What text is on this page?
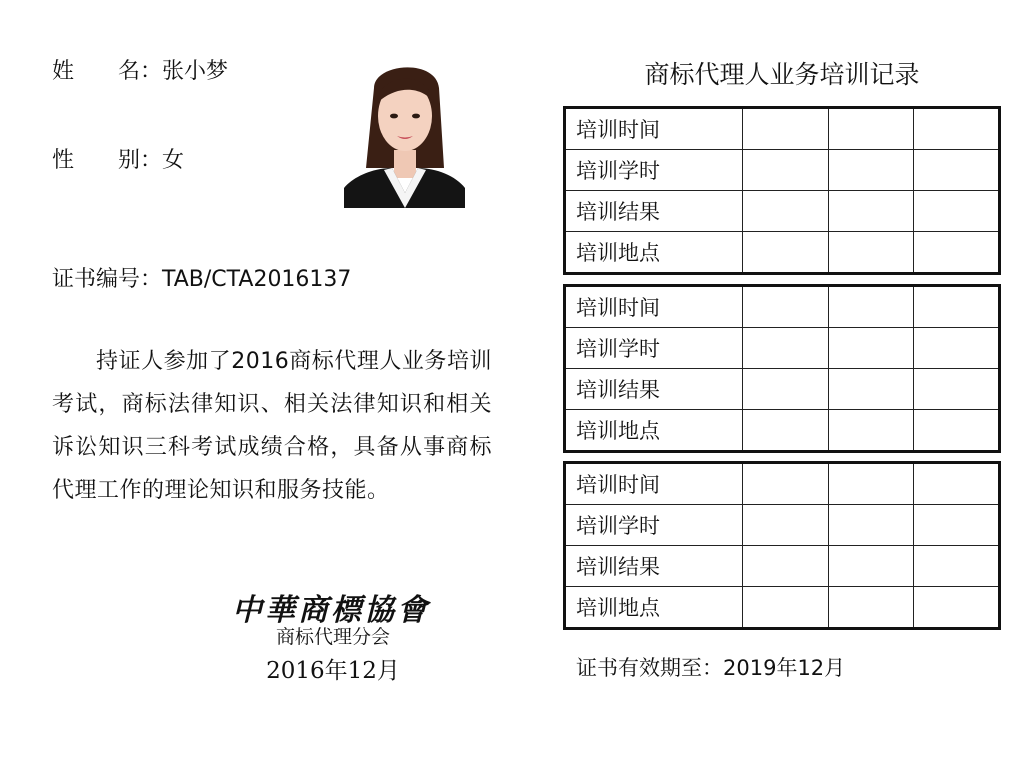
姓　　名：张小梦
性　　别：女
证书编号：TAB/CTA2016137
持证人参加了2016商标代理人业务培训考试，商标法律知识、相关法律知识和相关诉讼知识三科考试成绩合格，具备从事商标代理工作的理论知识和服务技能。
中華商標協會
商标代理分会
2016年12月
商标代理人业务培训记录
培训时间			
培训学时			
培训结果			
培训地点			
培训时间			
培训学时			
培训结果			
培训地点			
培训时间			
培训学时			
培训结果			
培训地点			
证书有效期至：2019年12月
